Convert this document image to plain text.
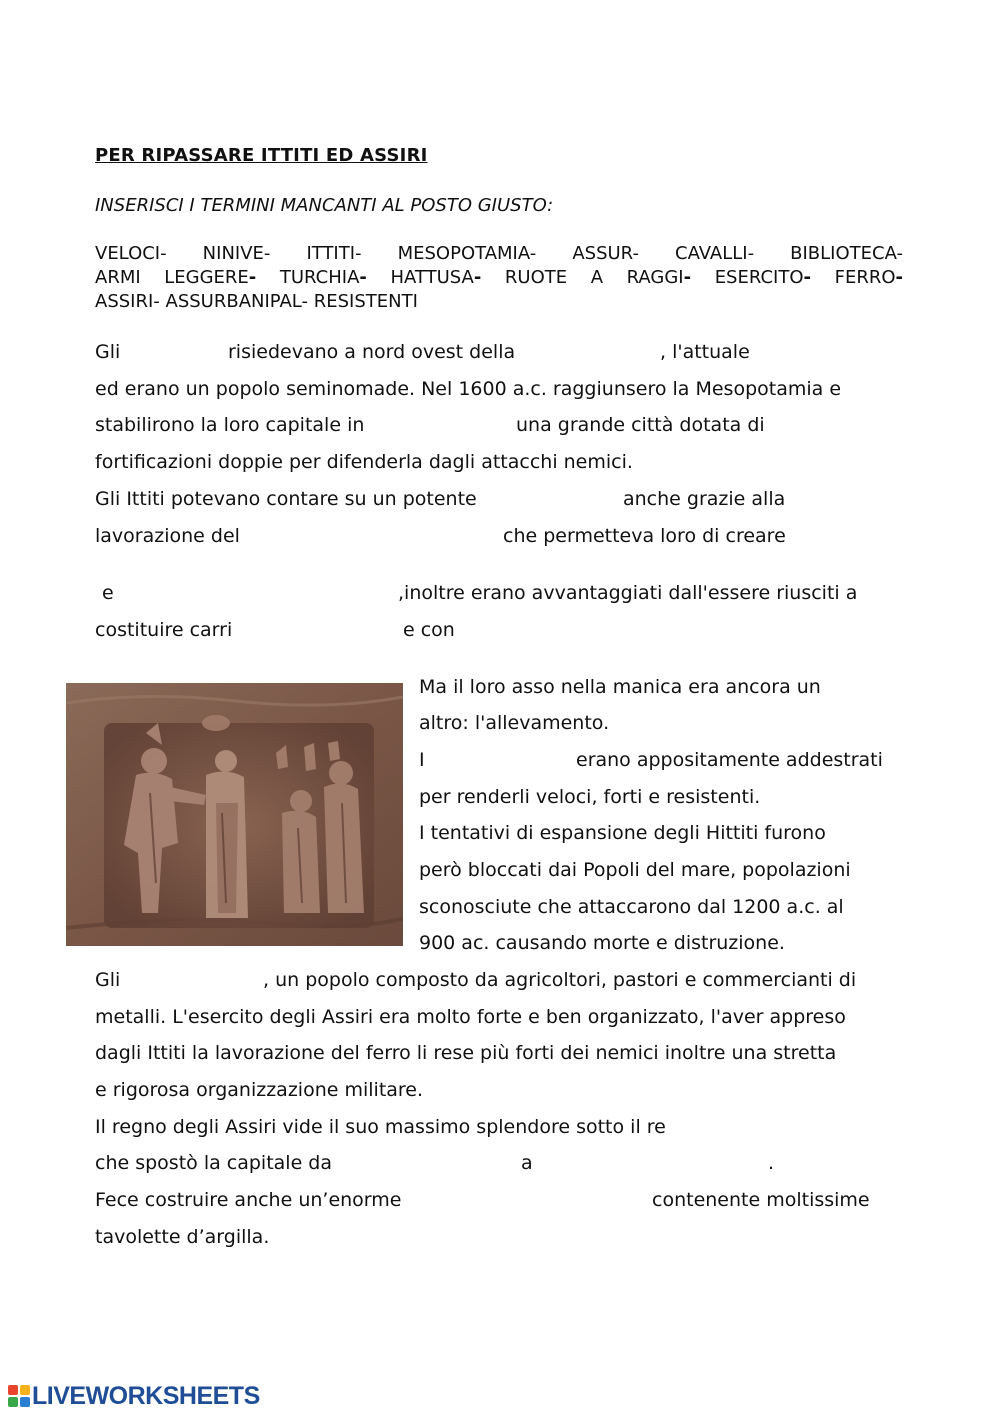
PER RIPASSARE ITTITI ED ASSIRI
INSERISCI I TERMINI MANCANTI AL POSTO GIUSTO:
VELOCI- NINIVE- ITTITI- MESOPOTAMIA- ASSUR- CAVALLI- BIBLIOTECA-
ARMI LEGGERE- TURCHIA- HATTUSA- RUOTE A RAGGI- ESERCITO- FERRO-
ASSIRI- ASSURBANIPAL- RESISTENTI
Gli	risiedevano a nord ovest della	, l'attuale
ed erano un popolo seminomade. Nel 1600 a.c. raggiunsero la Mesopotamia e
stabilirono la loro capitale in	una grande città dotata di
fortificazioni doppie per difenderla dagli attacchi nemici.
Gli Ittiti potevano contare su un potente	anche grazie alla
lavorazione del	che permetteva loro di creare
e	,inoltre erano avvantaggiati dall'essere riusciti a
costituire carri	e con
Ma il loro asso nella manica era ancora un
altro: l'allevamento.
I	erano appositamente addestrati
per renderli veloci, forti e resistenti.
I tentativi di espansione degli Hittiti furono
però bloccati dai Popoli del mare, popolazioni
sconosciute che attaccarono dal 1200 a.c. al
900 ac. causando morte e distruzione.
Gli	, un popolo composto da agricoltori, pastori e commercianti di
metalli. L'esercito degli Assiri era molto forte e ben organizzato, l'aver appreso
dagli Ittiti la lavorazione del ferro li rese più forti dei nemici inoltre una stretta
e rigorosa organizzazione militare.
Il regno degli Assiri vide il suo massimo splendore sotto il re
che spostò la capitale da	a	.
Fece costruire anche un’enorme	contenente moltissime
tavolette d’argilla.
LIVEWORKSHEETS
